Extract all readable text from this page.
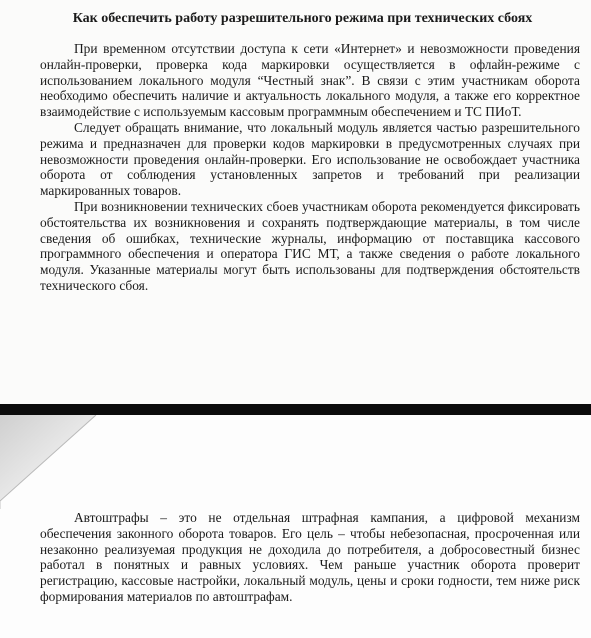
Как обеспечить работу разрешительного режима при технических сбоях

При временном отсутствии доступа к сети «Интернет» и невозможности проведения онлайн-проверки, проверка кода маркировки осуществляется в офлайн-режиме с использованием локального модуля “Честный знак”. В связи с этим участникам оборота необходимо обеспечить наличие и актуальность локального модуля, а также его корректное взаимодействие с используемым кассовым программным обеспечением и ТС ПИоТ.

Следует обращать внимание, что локальный модуль является частью разрешительного режима и предназначен для проверки кодов маркировки в предусмотренных случаях при невозможности проведения онлайн-проверки. Его использование не освобождает участника оборота от соблюдения установленных запретов и требований при реализации маркированных товаров.

При возникновении технических сбоев участникам оборота рекомендуется фиксировать обстоятельства их возникновения и сохранять подтверждающие материалы, в том числе сведения об ошибках, технические журналы, информацию от поставщика кассового программного обеспечения и оператора ГИС МТ, а также сведения о работе локального модуля. Указанные материалы могут быть использованы для подтверждения обстоятельств технического сбоя.

Автоштрафы – это не отдельная штрафная кампания, а цифровой механизм обеспечения законного оборота товаров. Его цель – чтобы небезопасная, просроченная или незаконно реализуемая продукция не доходила до потребителя, а добросовестный бизнес работал в понятных и равных условиях. Чем раньше участник оборота проверит регистрацию, кассовые настройки, локальный модуль, цены и сроки годности, тем ниже риск формирования материалов по автоштрафам.
